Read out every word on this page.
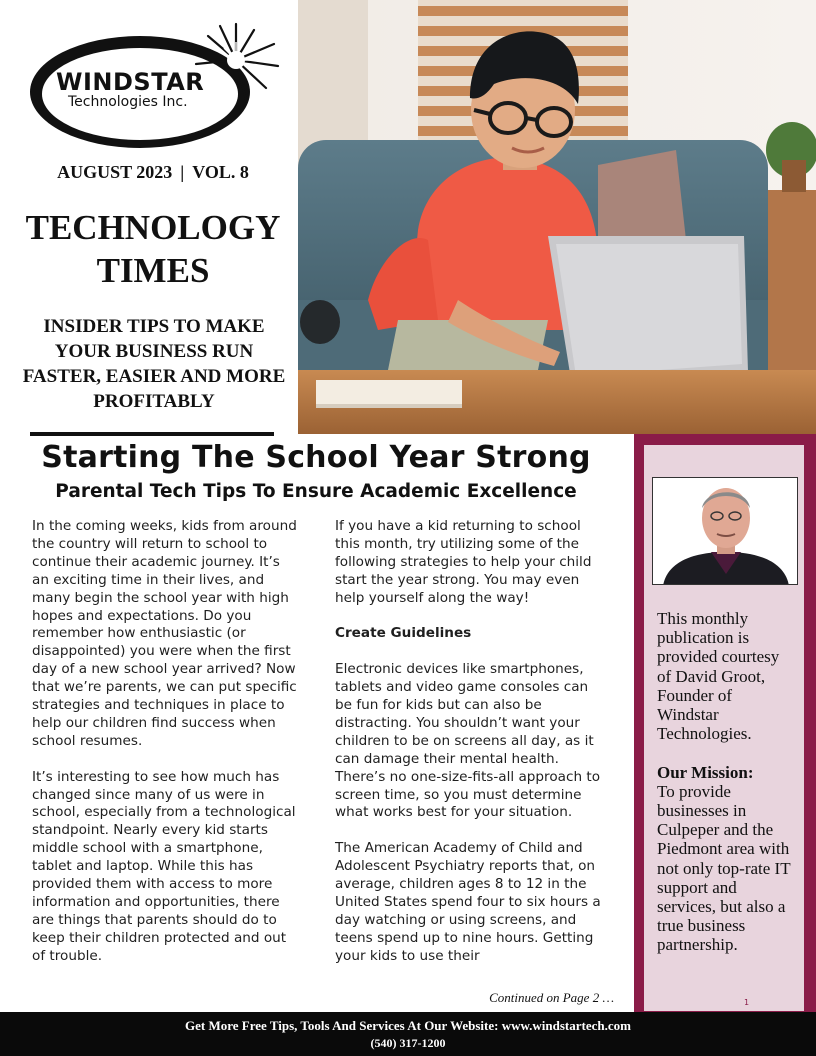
WINDSTAR
Technologies Inc.
AUGUST 2023 | VOL. 8
TECHNOLOGY
TIMES
INSIDER TIPS TO MAKE YOUR BUSINESS RUN FASTER, EASIER AND MORE PROFITABLY
Starting The School Year Strong
Parental Tech Tips To Ensure Academic Excellence

In the coming weeks, kids from around the country will return to school to continue their academic journey. It’s an exciting time in their lives, and many begin the school year with high hopes and expectations. Do you remember how enthusiastic (or disappointed) you were when the first day of a new school year arrived? Now that we’re parents, we can put specific strategies and techniques in place to help our children find success when school resumes.

It’s interesting to see how much has changed since many of us were in school, especially from a technological standpoint. Nearly every kid starts middle school with a smartphone, tablet and laptop. While this has provided them with access to more information and opportunities, there are things that parents should do to keep their children protected and out of trouble.

If you have a kid returning to school this month, try utilizing some of the following strategies to help your child start the year strong. You may even help yourself along the way!

Create Guidelines

Electronic devices like smartphones, tablets and video game consoles can be fun for kids but can also be distracting. You shouldn’t want your children to be on screens all day, as it can damage their mental health. There’s no one-size-fits-all approach to screen time, so you must determine what works best for your situation.

The American Academy of Child and Adolescent Psychiatry reports that, on average, children ages 8 to 12 in the United States spend four to six hours a day watching or using screens, and teens spend up to nine hours. Getting your kids to use their

Continued on Page 2 …
This monthly publication is provided courtesy of David Groot, Founder of Windstar Technologies.
Our Mission:
To provide businesses in Culpeper and the Piedmont area with not only top-rate IT support and services, but also a true business partnership.
1
Get More Free Tips, Tools And Services At Our Website: www.windstartech.com
(540) 317-1200
